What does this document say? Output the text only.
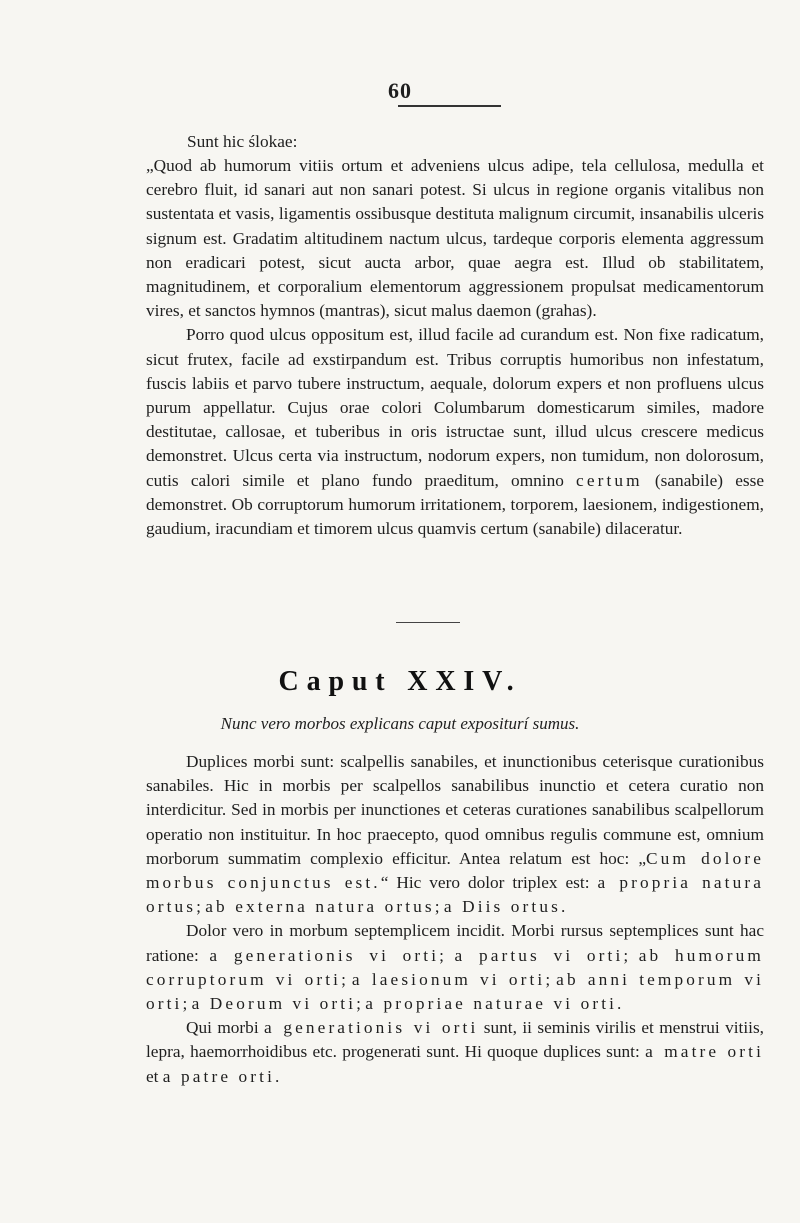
60
Sunt hic ślokae:

„Quod ab humorum vitiis ortum et adveniens ulcus adipe, tela cellulosa, medulla et cerebro fluit, id sanari aut non sanari potest. Si ulcus in regione organis vitalibus non sustentata et vasis, ligamentis ossibusque destituta malignum circumit, insanabilis ulceris signum est. Gradatim altitudinem nactum ulcus, tardeque corporis elementa aggressum non eradicari potest, sicut aucta arbor, quae aegra est. Illud ob stabilitatem, magnitudinem, et corporalium elementorum aggressionem propulsat medicamentorum vires, et sanctos hymnos (mantras), sicut malus daemon (grahas).

Porro quod ulcus oppositum est, illud facile ad curandum est. Non fixe radicatum, sicut frutex, facile ad exstirpandum est. Tribus corruptis humoribus non infestatum, fuscis labiis et parvo tubere instructum, aequale, dolorum expers et non profluens ulcus purum appellatur. Cujus orae colori Columbarum domesticarum similes, madore destitutae, callosae, et tuberibus in oris istructae sunt, illud ulcus crescere medicus demonstret. Ulcus certa via instructum, nodorum expers, non tumidum, non dolorosum, cutis calori simile et plano fundo praeditum, omnino certum (sanabile) esse demonstret. Ob corruptorum humorum irritationem, torporem, laesionem, indigestionem, gaudium, iracundiam et timorem ulcus quamvis certum (sanabile) dilaceratur.

Caput XXIV.
Nunc vero morbos explicans caput expositurí sumus.

Duplices morbi sunt: scalpellis sanabiles, et inunctionibus ceterisque curationibus sanabiles. Hic in morbis per scalpellos sanabilibus inunctio et cetera curatio non interdicitur. Sed in morbis per inunctiones et ceteras curationes sanabilibus scalpellorum operatio non instituitur. In hoc praecepto, quod omnibus regulis commune est, omnium morborum summatim complexio efficitur. Antea relatum est hoc: „Cum dolore morbus conjunctus est.“ Hic vero dolor triplex est: a propria natura ortus; ab externa natura ortus; a Diis ortus.

Dolor vero in morbum septemplicem incidit. Morbi rursus septemplices sunt hac ratione: a generationis vi orti; a partus vi orti; ab humorum corruptorum vi orti; a laesionum vi orti; ab anni temporum vi orti; a Deorum vi orti; a propriae naturae vi orti.

Qui morbi a generationis vi orti sunt, ii seminis virilis et menstrui vitiis, lepra, haemorrhoidibus etc. progenerati sunt. Hi quoque duplices sunt: a matre orti et a patre orti.
